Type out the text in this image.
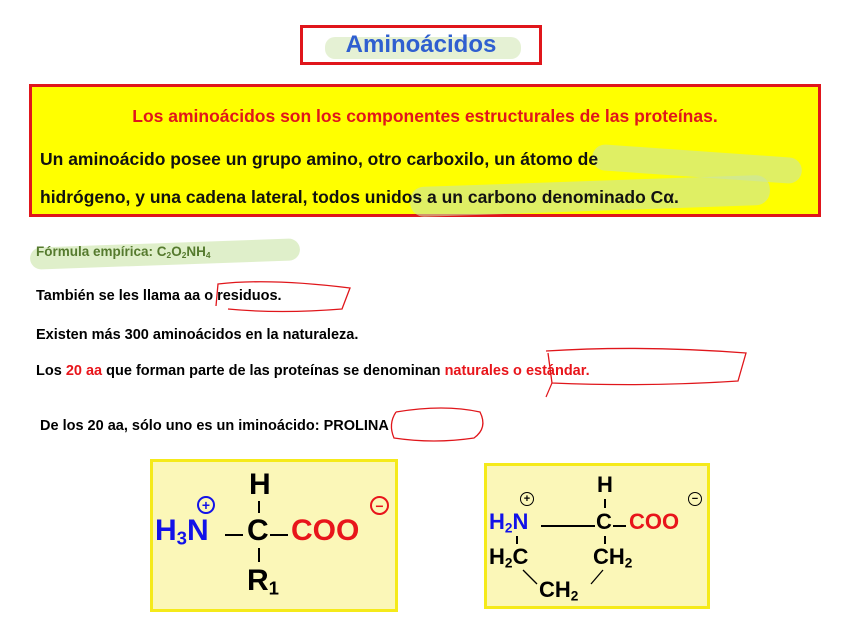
Aminoácidos
Los aminoácidos son los componentes estructurales de las proteínas.
Un aminoácido posee un grupo amino, otro carboxilo, un átomo de
hidrógeno, y una cadena lateral, todos unidos a un carbono denominado Cα.
Fórmula empírica: $C_2O_2NH_4$
También se les llama aa o residuos.
Existen más 300 aminoácidos en la naturaleza.
Los 20 aa que forman parte de las proteínas se denominan naturales o estándar.
De los 20 aa, sólo uno es un iminoácido: PROLINA
H
$H_3N$
+
C COO
−
$R_1$
H
+
$H_2N$	C COO
−
$CH_2$
$H_2C$
$CH_2$
